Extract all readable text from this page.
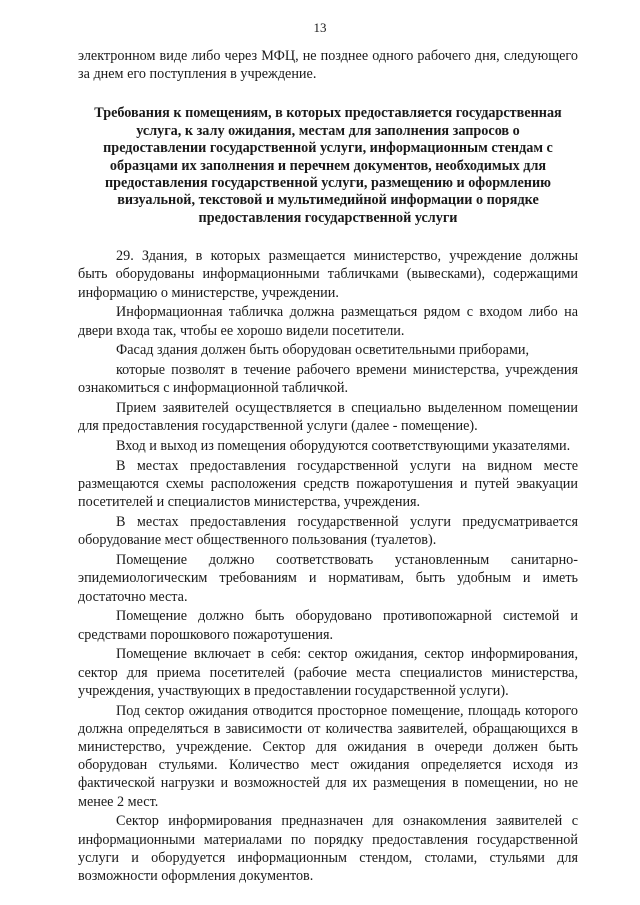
13

электронном виде либо через МФЦ, не позднее одного рабочего дня, следующего за днем его поступления в учреждение.

Требования к помещениям, в которых предоставляется государственная услуга, к залу ожидания, местам для заполнения запросов о предоставлении государственной услуги, информационным стендам с образцами их заполнения и перечнем документов, необходимых для предоставления государственной услуги, размещению и оформлению визуальной, текстовой и мультимедийной информации о порядке предоставления государственной услуги

29. Здания, в которых размещается министерство, учреждение должны быть оборудованы информационными табличками (вывесками), содержащими информацию о министерстве, учреждении.

Информационная табличка должна размещаться рядом с входом либо на двери входа так, чтобы ее хорошо видели посетители.

Фасад здания должен быть оборудован осветительными приборами,

которые позволят в течение рабочего времени министерства, учреждения ознакомиться с информационной табличкой.

Прием заявителей осуществляется в специально выделенном помещении для предоставления государственной услуги (далее - помещение).

Вход и выход из помещения оборудуются соответствующими указателями.

В местах предоставления государственной услуги на видном месте размещаются схемы расположения средств пожаротушения и путей эвакуации посетителей и специалистов министерства, учреждения.

В местах предоставления государственной услуги предусматривается оборудование мест общественного пользования (туалетов).

Помещение должно соответствовать установленным санитарно-эпидемиологическим требованиям и нормативам, быть удобным и иметь достаточно места.

Помещение должно быть оборудовано противопожарной системой и средствами порошкового пожаротушения.

Помещение включает в себя: сектор ожидания, сектор информирования, сектор для приема посетителей (рабочие места специалистов министерства, учреждения, участвующих в предоставлении государственной услуги).

Под сектор ожидания отводится просторное помещение, площадь которого должна определяться в зависимости от количества заявителей, обращающихся в министерство, учреждение. Сектор для ожидания в очереди должен быть оборудован стульями. Количество мест ожидания определяется исходя из фактической нагрузки и возможностей для их размещения в помещении, но не менее 2 мест.

Сектор информирования предназначен для ознакомления заявителей с информационными материалами по порядку предоставления государственной услуги и оборудуется информационным стендом, столами, стульями для возможности оформления документов.
